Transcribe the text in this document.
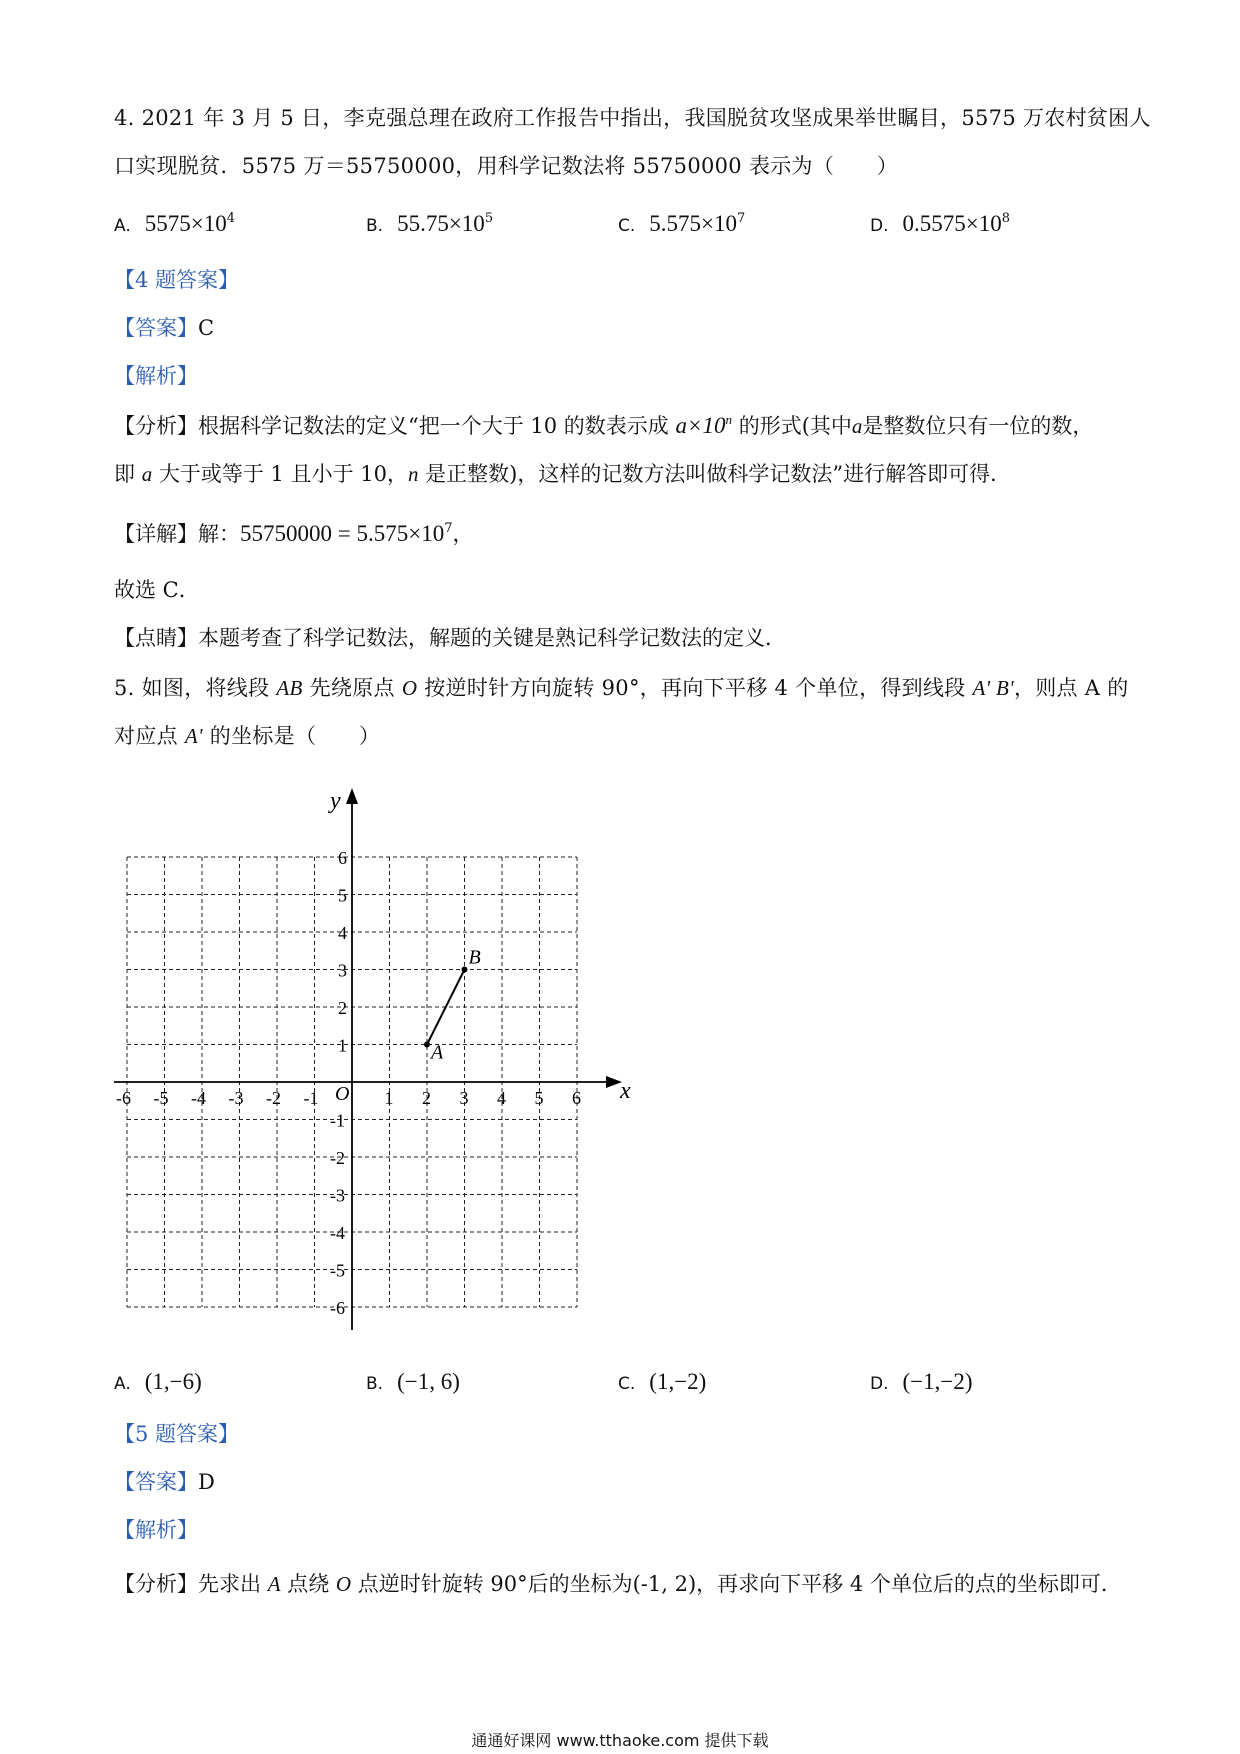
4. 2021 年 3 月 5 日，李克强总理在政府工作报告中指出，我国脱贫攻坚成果举世瞩目，5575 万农村贫困人
口实现脱贫．5575 万＝55750000，用科学记数法将 55750000 表示为（　　）
A. $5575\times 10^4$	B. $55.75\times 10^5$	C. $5.575\times 10^7$	D. $0.5575\times 10^8$
【4 题答案】
【答案】C
【解析】
【分析】根据科学记数法的定义“把一个大于 10 的数表示成 $a\times 10^n$ 的形式(其中a是整数位只有一位的数，
即 a 大于或等于 1 且小于 10，n 是正整数)，这样的记数方法叫做科学记数法”进行解答即可得．
【详解】解：$55750000 = 5.575\times 10^7$，
故选 C．
【点睛】本题考查了科学记数法，解题的关键是熟记科学记数法的定义．
5. 如图，将线段 AB 先绕原点 O 按逆时针方向旋转 90°，再向下平移 4 个单位，得到线段 A' B'，则点 A 的
对应点 A' 的坐标是（　　）
-6 -5 -4 -3 -2 -1	1 2 3 4 5 6
6
5
4
3
2
1
-1
-2
-3
-4
-5
-6
x
y
O
A
B
A. (1,−6)	B. (−1, 6)	C. (1,−2)	D. (−1,−2)
【5 题答案】
【答案】D
【解析】
【分析】先求出 A 点绕 O 点逆时针旋转 90°后的坐标为(-1, 2)，再求向下平移 4 个单位后的点的坐标即可．
通通好课网 www.tthaoke.com 提供下载
